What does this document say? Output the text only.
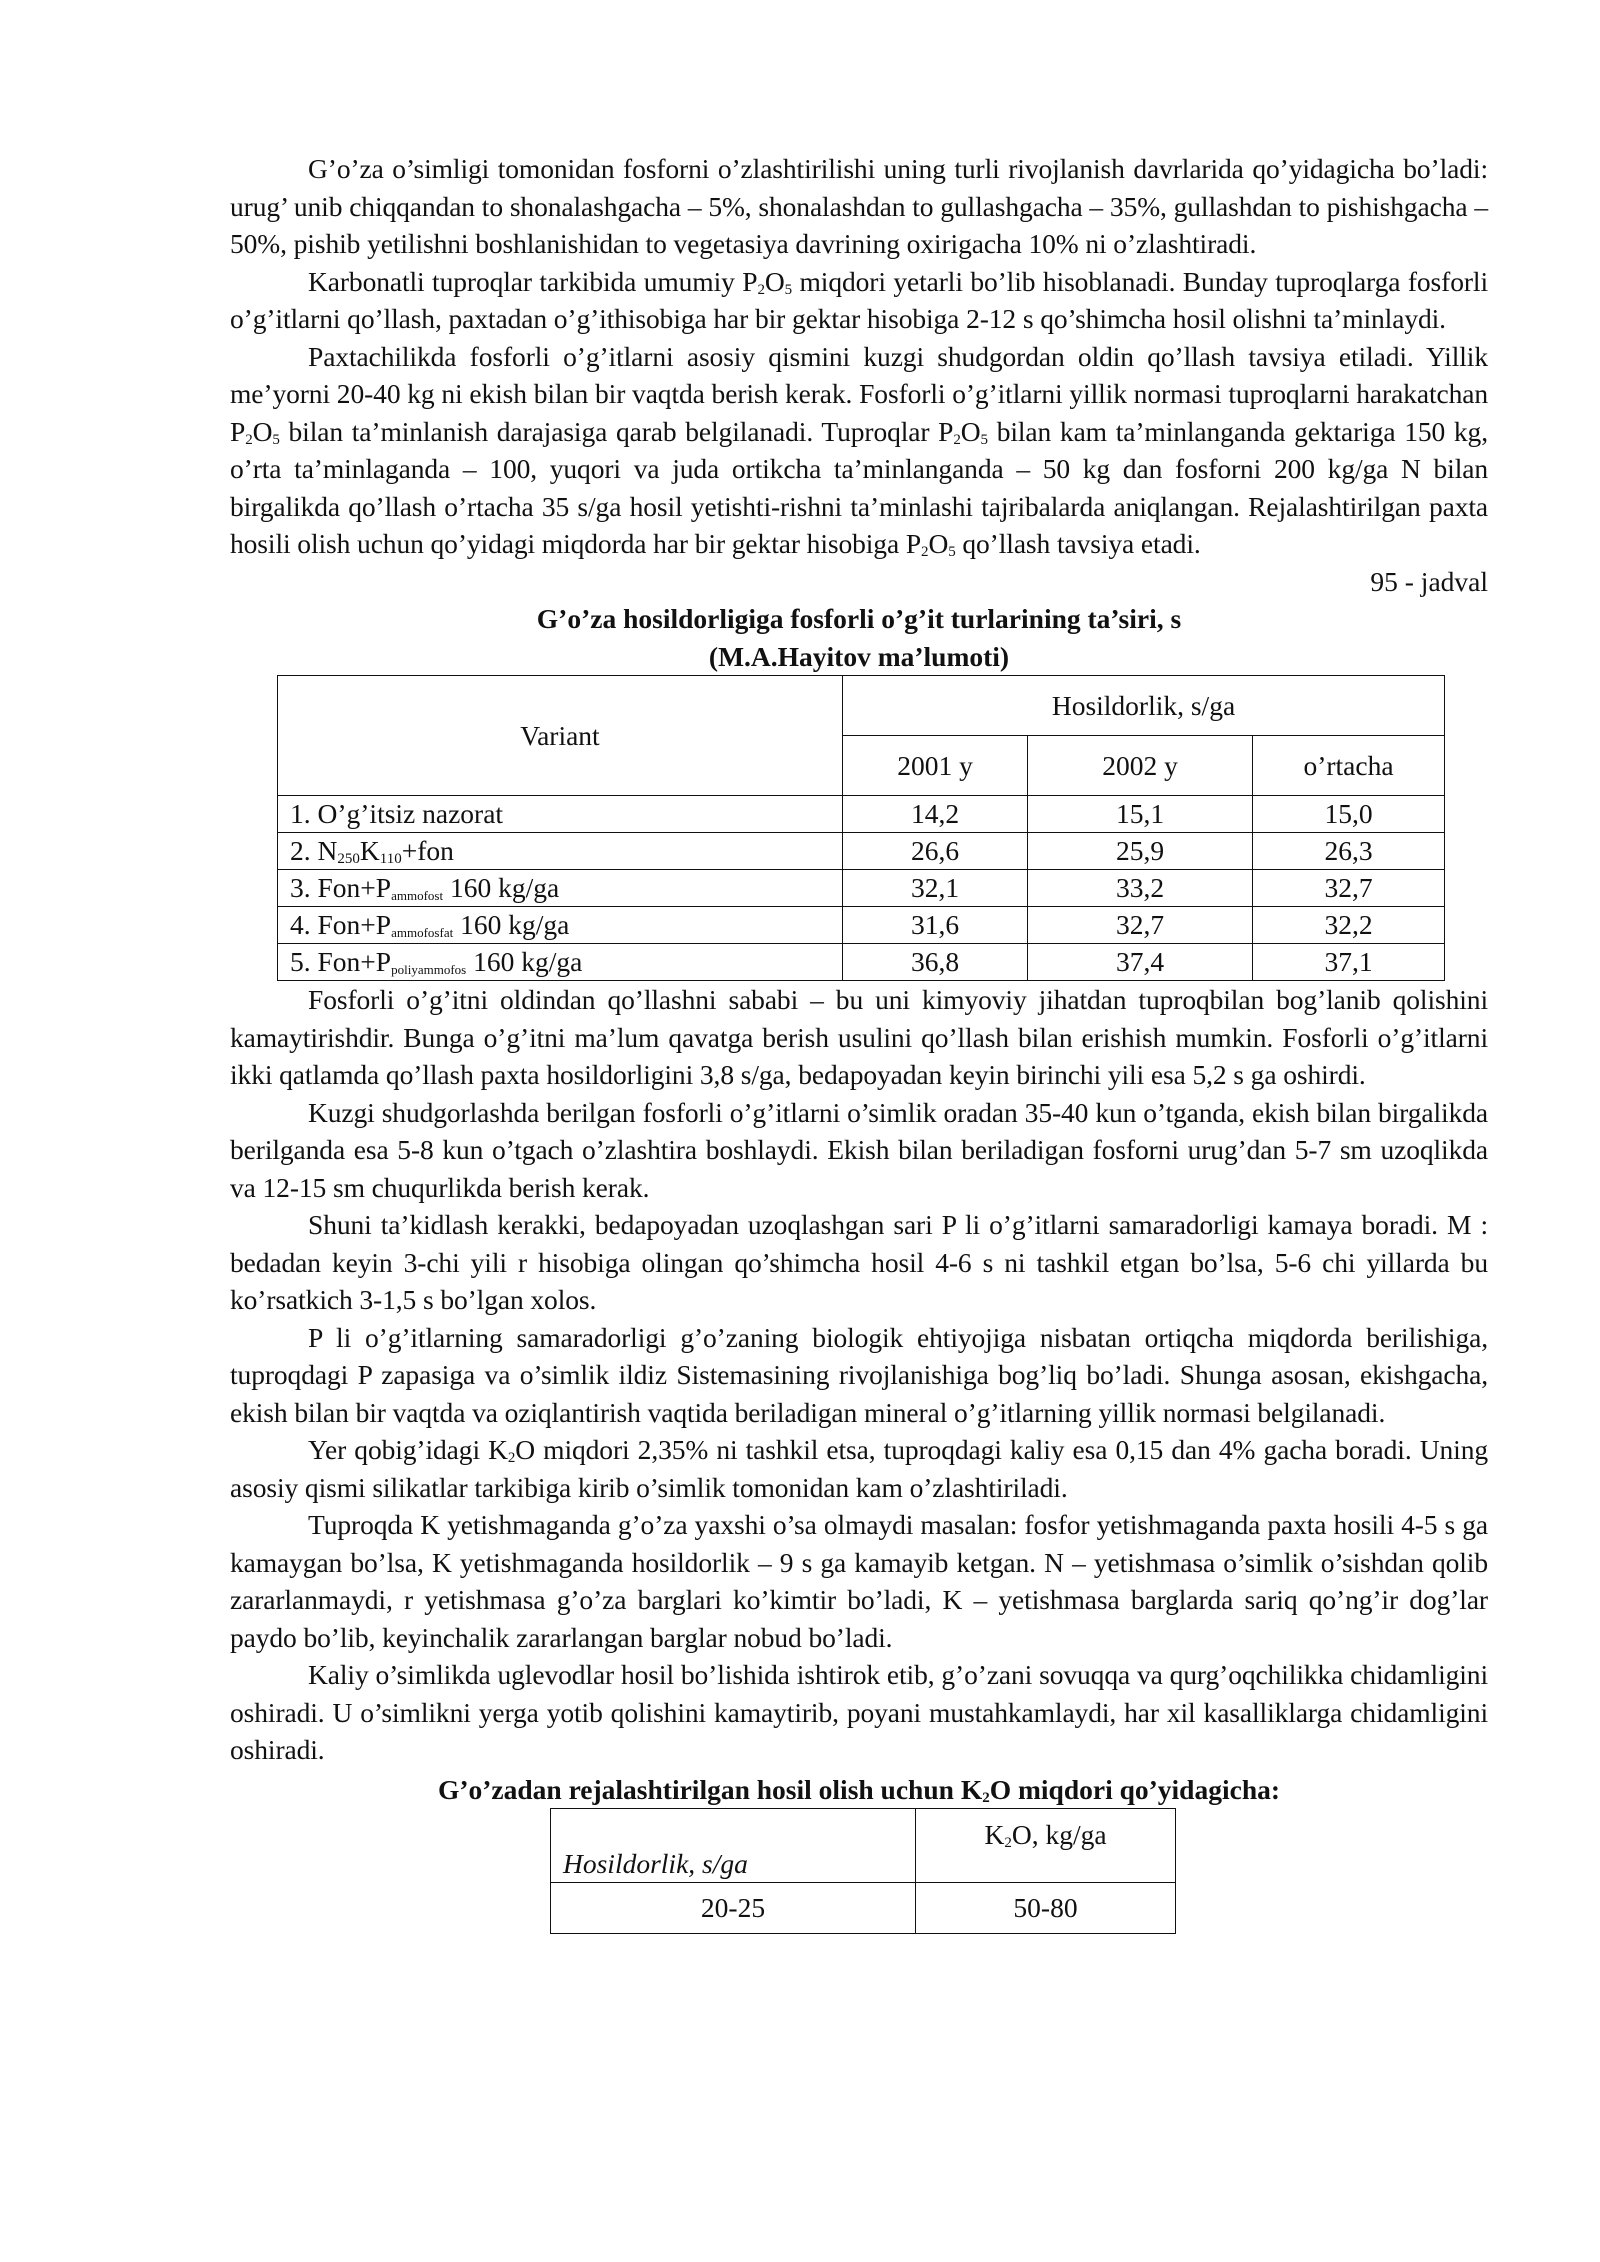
G’o’za o’simligi tomonidan fosforni o’zlashtirilishi uning turli rivojlanish davrlarida qo’yidagicha bo’ladi: urug’ unib chiqqandan to shonalashgacha – 5%, shonalashdan to gullashgacha – 35%, gullashdan to pishishgacha – 50%, pishib yetilishni boshlanishidan to vegetasiya davrining oxirigacha 10% ni o’zlashtiradi.

Karbonatli tuproqlar tarkibida umumiy $P_2O_5$ miqdori yetarli bo’lib hisoblanadi. Bunday tuproqlarga fosforli o’g’itlarni qo’llash, paxtadan o’g’ithisobiga har bir gektar hisobiga 2-12 s qo’shimcha hosil olishni ta’minlaydi.

Paxtachilikda fosforli o’g’itlarni asosiy qismini kuzgi shudgordan oldin qo’llash tavsiya etiladi. Yillik me’yorni 20-40 kg ni ekish bilan bir vaqtda berish kerak. Fosforli o’g’itlarni yillik normasi tuproqlarni harakatchan $P_2O_5$ bilan ta’minlanish darajasiga qarab belgilanadi. Tuproqlar $P_2O_5$ bilan kam ta’minlanganda gektariga 150 kg, o’rta ta’minlaganda – 100, yuqori va juda ortikcha ta’minlanganda – 50 kg dan fosforni 200 kg/ga N bilan birgalikda qo’llash o’rtacha 35 s/ga hosil yetishti-rishni ta’minlashi tajribalarda aniqlangan. Rejalashtirilgan paxta hosili olish uchun qo’yidagi miqdorda har bir gektar hisobiga $P_2O_5$ qo’llash tavsiya etadi.

95 - jadval

G’o’za hosildorligiga fosforli o’g’it turlarining ta’siri, s

(M.A.Hayitov ma’lumoti)

Variant	Hosildorlik, s/ga		
	2001 y	2002 y	o’rtacha
1. O’g’itsiz nazorat	14,2	15,1	15,0
2. $N_{250}K_{110}+fon$	26,6	25,9	26,3
3. $Fon+P_{ammofost}$ 160 kg/ga	32,1	33,2	32,7
4. $Fon+P_{ammofosfat}$ 160 kg/ga	31,6	32,7	32,2
5. $Fon+P_{poliyammofos}$ 160 kg/ga	36,8	37,4	37,1

Fosforli o’g’itni oldindan qo’llashni sababi – bu uni kimyoviy jihatdan tuproqbilan bog’lanib qolishini kamaytirishdir. Bunga o’g’itni ma’lum qavatga berish usulini qo’llash bilan erishish mumkin. Fosforli o’g’itlarni ikki qatlamda qo’llash paxta hosildorligini 3,8 s/ga, bedapoyadan keyin birinchi yili esa 5,2 s ga oshirdi.

Kuzgi shudgorlashda berilgan fosforli o’g’itlarni o’simlik oradan 35-40 kun o’tganda, ekish bilan birgalikda berilganda esa 5-8 kun o’tgach o’zlashtira boshlaydi. Ekish bilan beriladigan fosforni urug’dan 5-7 sm uzoqlikda va 12-15 sm chuqurlikda berish kerak.

Shuni ta’kidlash kerakki, bedapoyadan uzoqlashgan sari P li o’g’itlarni samaradorligi kamaya boradi. M : bedadan keyin 3-chi yili r hisobiga olingan qo’shimcha hosil 4-6 s ni tashkil etgan bo’lsa, 5-6 chi yillarda bu ko’rsatkich 3-1,5 s bo’lgan xolos.

P li o’g’itlarning samaradorligi g’o’zaning biologik ehtiyojiga nisbatan ortiqcha miqdorda berilishiga, tuproqdagi P zapasiga va o’simlik ildiz Sistemasining rivojlanishiga bog’liq bo’ladi. Shunga asosan, ekishgacha, ekish bilan bir vaqtda va oziqlantirish vaqtida beriladigan mineral o’g’itlarning yillik normasi belgilanadi.

Yer qobig’idagi $K_2O$ miqdori 2,35% ni tashkil etsa, tuproqdagi kaliy esa 0,15 dan 4% gacha boradi. Uning asosiy qismi silikatlar tarkibiga kirib o’simlik tomonidan kam o’zlashtiriladi.

Tuproqda K yetishmaganda g’o’za yaxshi o’sa olmaydi masalan: fosfor yetishmaganda paxta hosili 4-5 s ga kamaygan bo’lsa, K yetishmaganda hosildorlik – 9 s ga kamayib ketgan. N – yetishmasa o’simlik o’sishdan qolib zararlanmaydi, r yetishmasa g’o’za barglari ko’kimtir bo’ladi, K – yetishmasa barglarda sariq qo’ng’ir dog’lar paydo bo’lib, keyinchalik zararlangan barglar nobud bo’ladi.

Kaliy o’simlikda uglevodlar hosil bo’lishida ishtirok etib, g’o’zani sovuqqa va qurg’oqchilikka chidamligini oshiradi. U o’simlikni yerga yotib qolishini kamaytirib, poyani mustahkamlaydi, har xil kasalliklarga chidamligini oshiradi.

G’o’zadan rejalashtirilgan hosil olish uchun $K_2O$ miqdori qo’yidagicha:

Hosildorlik, s/ga	$K_2O$, kg/ga
20-25	50-80
